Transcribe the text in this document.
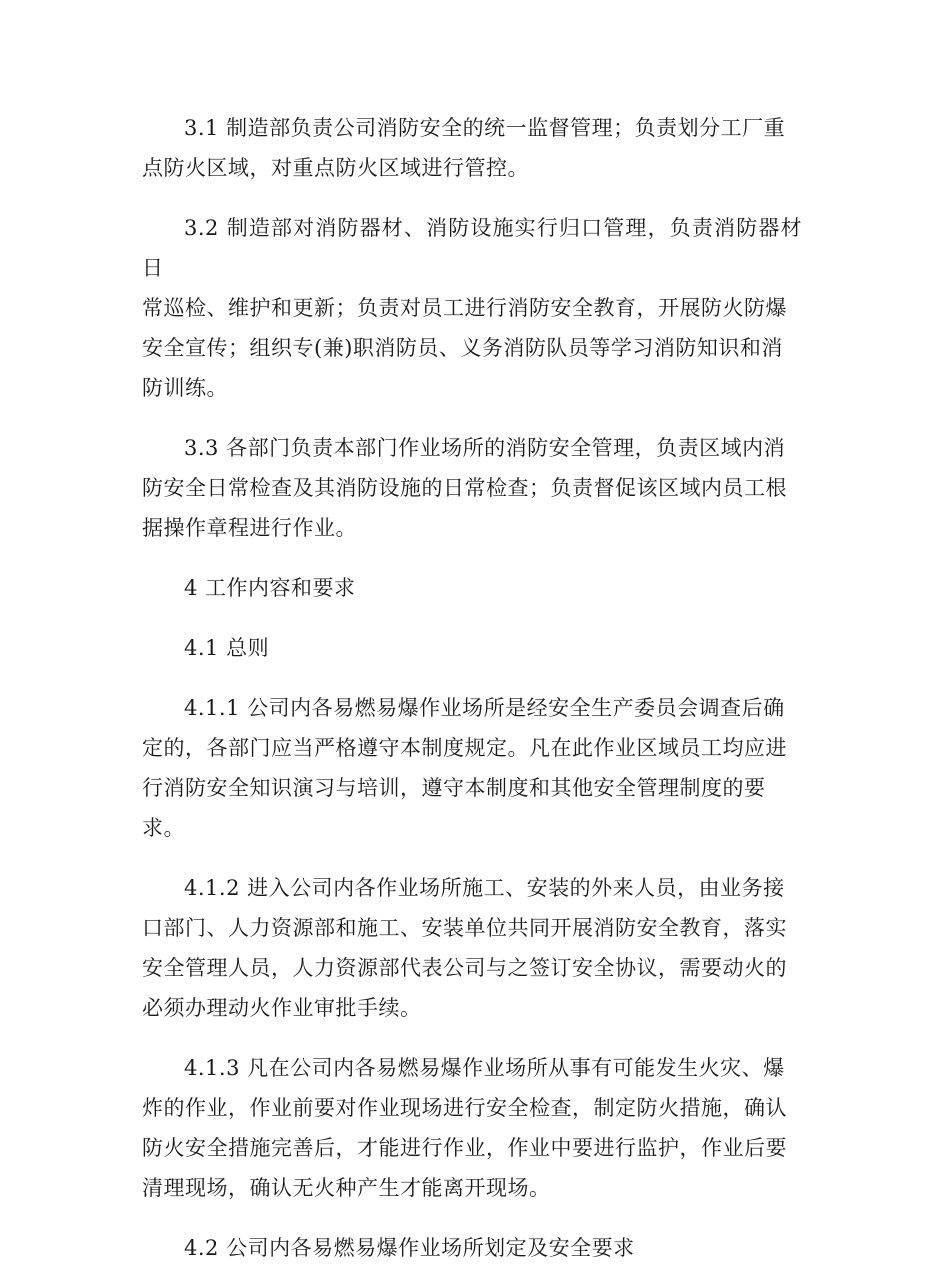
3.1 制造部负责公司消防安全的统一监督管理；负责划分工厂重
点防火区域，对重点防火区域进行管控。

3.2 制造部对消防器材、消防设施实行归口管理，负责消防器材日
常巡检、维护和更新；负责对员工进行消防安全教育，开展防火防爆
安全宣传；组织专(兼)职消防员、义务消防队员等学习消防知识和消
防训练。

3.3 各部门负责本部门作业场所的消防安全管理，负责区域内消
防安全日常检查及其消防设施的日常检查；负责督促该区域内员工根
据操作章程进行作业。

4 工作内容和要求

4.1 总则

4.1.1 公司内各易燃易爆作业场所是经安全生产委员会调查后确
定的，各部门应当严格遵守本制度规定。凡在此作业区域员工均应进
行消防安全知识演习与培训，遵守本制度和其他安全管理制度的要
求。

4.1.2 进入公司内各作业场所施工、安装的外来人员，由业务接
口部门、人力资源部和施工、安装单位共同开展消防安全教育，落实
安全管理人员，人力资源部代表公司与之签订安全协议，需要动火的
必须办理动火作业审批手续。

4.1.3 凡在公司内各易燃易爆作业场所从事有可能发生火灾、爆
炸的作业，作业前要对作业现场进行安全检查，制定防火措施，确认
防火安全措施完善后，才能进行作业，作业中要进行监护，作业后要
清理现场，确认无火种产生才能离开现场。

4.2 公司内各易燃易爆作业场所划定及安全要求
